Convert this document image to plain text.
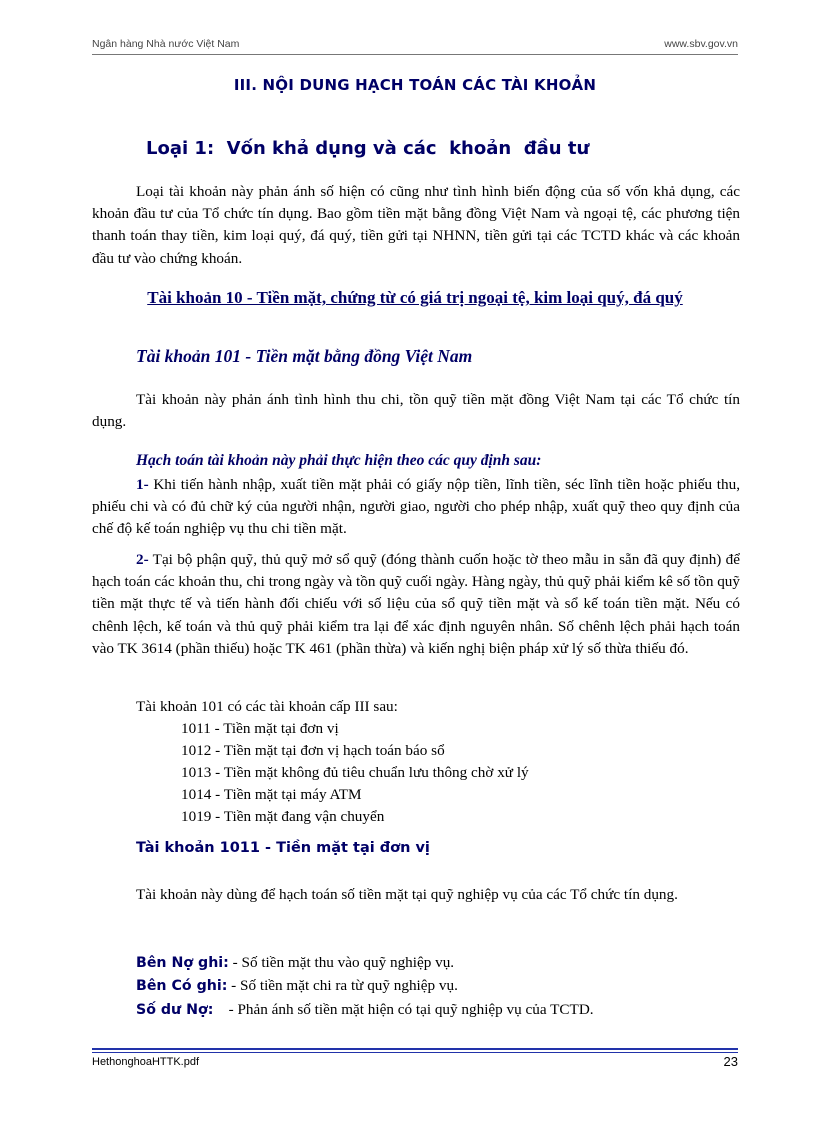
Ngân hàng Nhà nước Việt Nam	www.sbv.gov.vn
III. NỘI DUNG HẠCH TOÁN CÁC TÀI KHOẢN
Loại 1:  Vốn khả dụng và các  khoản  đầu tư

Loại tài khoản này phản ánh số hiện có cũng như tình hình biến động của số vốn khả dụng, các khoản đầu tư của Tổ chức tín dụng. Bao gồm tiền mặt bằng đồng Việt Nam và ngoại tệ, các phương tiện thanh toán thay tiền, kim loại quý, đá quý, tiền gửi tại NHNN, tiền gửi tại các TCTD khác và các khoản đầu tư vào chứng khoán.

Tài khoản 10 - Tiền mặt, chứng từ có giá trị ngoại tệ, kim loại quý, đá quý
Tài khoản 101 - Tiền mặt bằng đồng Việt Nam

Tài khoản này phản ánh tình hình thu chi, tồn quỹ tiền mặt đồng Việt Nam tại các Tổ chức tín dụng.

Hạch toán tài khoản này phải thực hiện theo các quy định sau:

1- Khi tiến hành nhập, xuất tiền mặt phải có giấy nộp tiền, lĩnh tiền, séc lĩnh tiền hoặc phiếu thu, phiếu chi và có đủ chữ ký của người nhận, người giao, người cho phép nhập, xuất quỹ theo quy định của chế độ kế toán nghiệp vụ thu chi tiền mặt.

2- Tại bộ phận quỹ, thủ quỹ mở sổ quỹ (đóng thành cuốn hoặc tờ theo mẫu in sẵn đã quy định) để hạch toán các khoản thu, chi trong ngày và tồn quỹ cuối ngày. Hàng ngày, thủ quỹ phải kiểm kê số tồn quỹ tiền mặt thực tế và tiến hành đối chiếu với số liệu của sổ quỹ tiền mặt và sổ kế toán tiền mặt. Nếu có chênh lệch, kế toán và thủ quỹ phải kiểm tra lại để xác định nguyên nhân. Số chênh lệch phải hạch toán vào TK 3614 (phần thiếu) hoặc TK 461 (phần thừa) và kiến nghị biện pháp xử lý số thừa thiếu đó.

Tài khoản 101 có các tài khoản cấp III sau:
1011 - Tiền mặt tại đơn vị
1012 - Tiền mặt tại đơn vị hạch toán báo sổ
1013 - Tiền mặt không đủ tiêu chuẩn lưu thông chờ xử lý
1014 - Tiền mặt tại máy ATM
1019 - Tiền mặt đang vận chuyển
Tài khoản 1011 - Tiền mặt tại đơn vị

Tài khoản này dùng để hạch toán số tiền mặt tại quỹ nghiệp vụ của các Tổ chức tín dụng.

Bên Nợ ghi: - Số tiền mặt thu vào quỹ nghiệp vụ.
Bên Có ghi: - Số tiền mặt chi ra từ quỹ nghiệp vụ.
Số dư Nợ:    - Phản ánh số tiền mặt hiện có tại quỹ nghiệp vụ của TCTD.
HethonghoaHTTK.pdf	23
